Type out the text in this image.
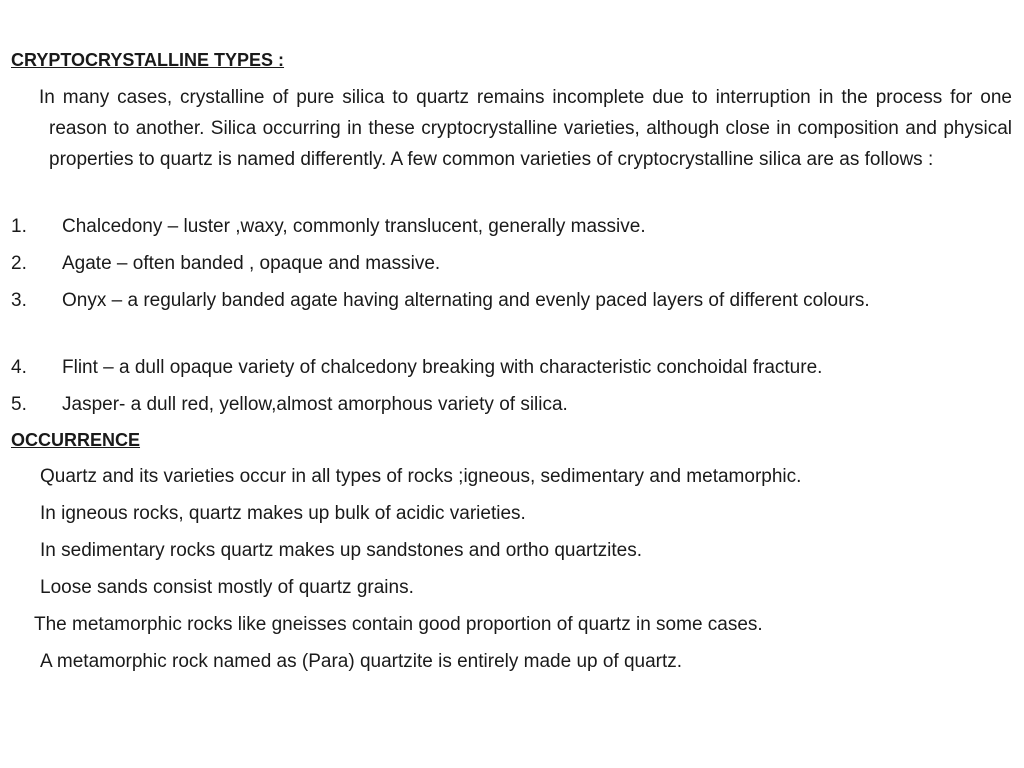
CRYPTOCRYSTALLINE TYPES :
In many cases, crystalline of pure silica to quartz remains incomplete due to interruption in the process for one reason to another. Silica occurring in these cryptocrystalline varieties, although close in composition and physical properties to quartz is named differently. A few common varieties of cryptocrystalline silica are as follows :
1.	Chalcedony – luster ,waxy, commonly translucent, generally massive.
2.	Agate – often banded , opaque and massive.
3.	Onyx – a regularly banded agate having alternating and evenly paced layers of different colours.
4.	Flint – a dull opaque variety of chalcedony breaking with characteristic conchoidal fracture.
5.	Jasper- a dull red, yellow,almost amorphous variety of silica.
OCCURRENCE
Quartz and its varieties occur in all types of rocks ;igneous, sedimentary and metamorphic.
In igneous rocks, quartz makes up bulk of acidic varieties.
In sedimentary rocks quartz makes up sandstones and ortho quartzites.
Loose sands consist mostly of quartz grains.
The metamorphic rocks like gneisses contain good proportion of quartz in some cases.
A metamorphic rock named as (Para) quartzite is entirely made up of quartz.
